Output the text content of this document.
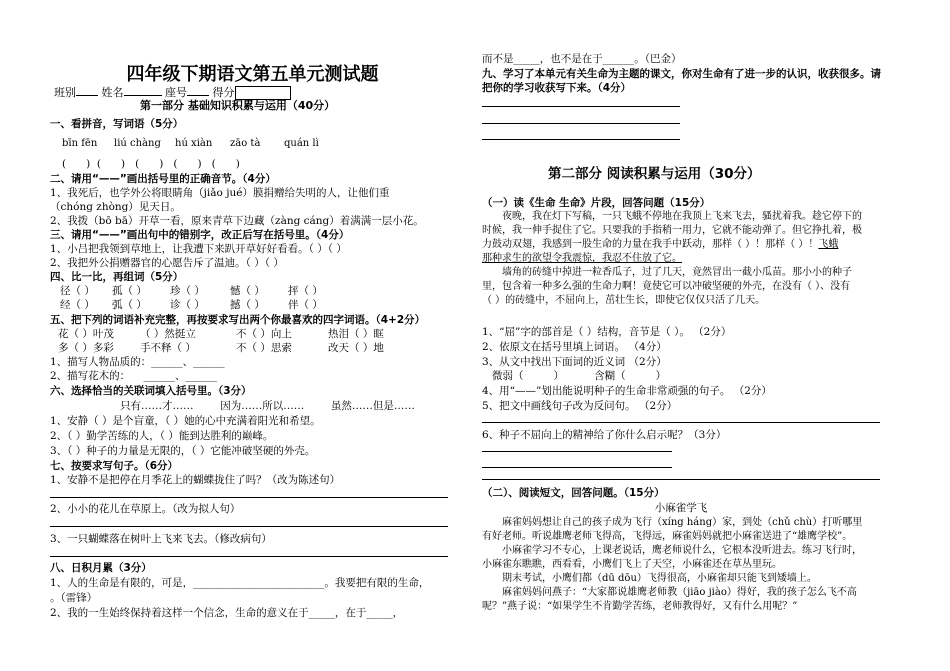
四年级下期语文第五单元测试题
班别 姓名	座号 得分
第一部分 基础知识积累与运用（40分）
一、看拼音，写词语（5分）
bīn fēn liú chàng hú xiàn zāo tà quán lì
(      )  (      )   (      )   (      )   (      )
二、请用“——”画出括号里的正确音节。（4分）
1、我死后，也学外公将眼睛角（jiǎo jué）膜捐赠给失明的人，让他们重
（chóng zhòng）见天日。
2、我拨（bō bā）开草一看，原来青草下边藏（zàng cáng）着满满一层小花。
三、请用“——”画出句中的错别字，改正后写在括号里。（4分）
1、小吕把我领到草地上，让我遭下来趴开草好好看看。（ ）（ ）
2、我把外公捐赠器官的心愿告斥了温迪。（ ）（ ）
四、比一比，再组词（5分）
径（ ） 孤（ ） 珍（ ） 憾（ ） 抨（ ）
经（ ） 弧（ ） 诊（ ） 撼（ ） 伴（ ）
五、把下列的词语补充完整，再按要求写出两个你最喜欢的四字词语。（4+2分）
花（ ）叶茂 （ ）然挺立	不（ ）向上	热泪（ ）眶
多（ ）多彩 手不释（ ）	不（ ）思索	改天（ ）地
1、描写人物品质的：______、______
2、描写花木的：    ______、______
六、选择恰当的关联词填入括号里。（3分）
只有……才……        因为……所以……        虽然……但是……
1、安静（ ）是个盲童，（ ）她的心中充满着阳光和希望。
2、（ ）勤学苦练的人，（ ）能到达胜利的巅峰。
3、（ ）种子的力量是无限的，（ ）它能冲破坚硬的外壳。
七、按要求写句子。（6分）
1、安静不是把停在月季花上的蝴蝶拢住了吗？（改为陈述句）
2、小小的花儿在草原上。（改为拟人句）
3、一只蝴蝶落在树叶上飞来飞去。（修改病句）
八、日积月累（3分）
1、人的生命是有限的，可是，_________________________。我要把有限的生命，
。（雷锋）
2、我的一生始终保持着这样一个信念，生命的意义在于_____，在于_____，
而不是_____，也不是在于______。（巴金）
九、学习了本单元有关生命为主题的课文，你对生命有了进一步的认识，收获很多。请
把你的学习收获写下来。（4分）
第二部分 阅读积累与运用（30分）
（一）读《生命 生命》片段，回答问题（15分）
夜晚，我在灯下写稿，一只飞蛾不停地在我顶上飞来飞去，骚扰着我。趁它停下的
时候，我一伸手捉住了它。只要我的手指稍一用力，它就不能动弹了。但它挣扎着，极
力鼓动双翅，我感到一股生命的力量在我手中跃动，那样（ ）！那样（ ）！飞蛾
那种求生的欲望令我震惊，我忍不住放了它。
墙角的砖缝中掉进一粒香瓜子，过了几天，竟然冒出一截小瓜苗。那小小的种子
里，包含着一种多么强的生命力啊！竟使它可以冲破坚硬的外壳，在没有（ ）、没有
（ ）的砖缝中，不屈向上，茁壮生长，即使它仅仅只活了几天。
1、“屈”字的部首是（ ）结构，音节是（ ）。 （2分）
2、依原文在括号里填上词语。 （4分）
3、从文中找出下面词的近义词 （2分）
微弱（         ）         含糊（         ）
4、用“——”划出能说明种子的生命非常顽强的句子。 （2分）
5、把文中画线句子改为反问句。 （2分）
6、种子不屈向上的精神给了你什么启示呢？（3分）
（二）、阅读短文，回答问题。（15分）
小麻雀学飞
麻雀妈妈想让自己的孩子成为飞行（xíng háng）家，到处（chǔ chù）打听哪里
有好老师。听说雄鹰老师飞得高，飞得远，麻雀妈妈就把小麻雀送进了“雄鹰学校”。
小麻雀学习不专心，上课老说话，鹰老师说什么，它根本没听进去。练习飞行时，
小麻雀东瞧瞧，西看看，小鹰们飞上了天空，小麻雀还在草丛里玩。
期末考试，小鹰们都（dū dōu）飞得很高，小麻雀却只能飞到矮墙上。
麻雀妈妈问燕子：“大家都说雄鹰老师教（jiāo jiào）得好，我的孩子怎么飞不高
呢？”燕子说：“如果学生不肯勤学苦练，老师教得好，又有什么用呢？”
